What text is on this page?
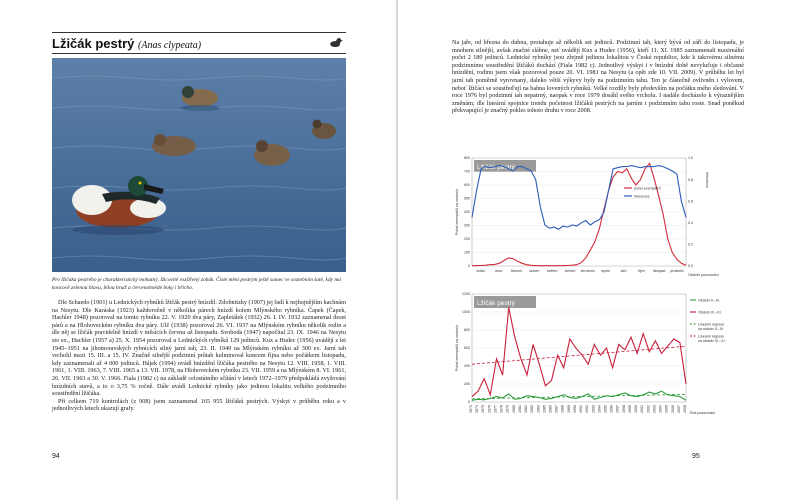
Lžičák pestrý (Anas clypeata)
Pro lžičáka pestrého je charakteristický mohutný, lžicovitě rozšířený zobák. Čisté mění pestrým ještě samec ve svatebním šatě, kdy má koncově zelenou hlavu, bílou hruď a červenohnědé boky i břicho.

Dle Schaedo (1901) u Lednických rybníků lžičák pestrý hnízdil. Zdobnitzky (1907) jej řadí k nejhojnějším kachnám na Nesytu. Dle Karáska (1923) každoročně v několika párech hnízdí kolem Mlýnského rybníka. Čapek (Čapek, Hachler 1948) pozoroval na tomto rybníku 22. V. 1920 dva páry, Zapletálek (1932) 26. I. IV. 1932 zaznamenal deset párů a na Hlohoveckém rybníku dva páry. Ulč (1938) pozoroval 26. VI. 1937 na Mlýnském rybníku několik rodin a dle něj se lžičák pravidelně hnízdí v měsících červnu až listopadu. Svoboda (1947) napočítal 23. IX. 1946 na Nesytu sto ex., Hachler (1957 a) 25. X. 1954 pozoroval u Lednických rybníků 129 jedinců. Kux a Hudec (1956) uvádějí z let 1945–1951 na jihomoravských rybnících silný jarní tah, 23. II. 1949 na Mlýnském rybníku až 300 ex. Jarní tah vrcholil mezi 15. III. a 15. IV. Značně silnější podzimní průtah kulminoval koncem října nebo počátkem listopadu, kdy zaznamenali až 4 000 jedinců. Hájek (1994) uvádí hnízdění lžičáka pestrého na Nesytu 12. VIII. 1958, 1. VIII. 1961, 1. VIII. 1963, 7. VIII. 1965 a 13. VII. 1978, na Hlohoveckém rybníku 23. VII. 1959 a na Mlýnském 8. VI. 1961, 26. VII. 1963 a 30. V. 1966. Fiala (1982 c) na základě celostátního sčítání v letech 1972–1979 předpokládá zvyšování hnízdních stavů, a to o 3,75 % ročně. Dále uvádí Lednické rybníky jako jedinou lokalitu velkého podzimního soustředění lžičáka.

Při celkem 719 kontrolách (z 908) jsem zaznamenal 165 955 lžičáků pestrých. Výskyt v průběhu roku a v jednotlivých letech ukazují grafy.

94	95
Na jaře, od března do dubna, protahuje až několik set jedinců. Podzimní tah, který bývá od září do listopadu, je mnohem silnější, avšak značné slábne, neť uvádějí Kux a Hudec (1956), kteří 11. XI. 1985 zaznamenali maximální počet 2 180 jedinců. Lednické rybníky jsou zřejmě jedinou lokalitou v České republice, kde k takovému silnému podzimnímu soustředění lžičáků dochází (Fiala 1982 c). Jednotlivý výskyt i v hnízdní době nevylučuje i občasné hnízdění, rodinu jsem však pozoroval pouze 20. VI. 1981 na Nesytu (a opět zde 10. VII. 2009). V průběhu let byl jarní tah poměrně vyrovnaný, daleko větší výkyvy byly na podzimním tahu. Ten je částečně ovlivněn i výlovem, neboť lžičáci se soustřeďují na bahna lovených rybníků. Velké rozdíly byly především na počátku mého sledování. V roce 1976 byl podzimní tah nepatrný, naopak v roce 1979 dosáhl svého vrcholu. I nadále docházelo k výraznějším změnám; dle lineární spojnice trendu početnost lžičáků pestrých na jarním i podzimním tahu roste. Snad poněkud překvapující je značný pokles tohoto druhu v roce 2008.
Lžičák pestrý
0
100
200
300
400
500
600
700
800
0,0
0,2
0,4
0,6
0,8
1,0
leden	únor březen duben květen červen červenec srpen	září	říjen listopad prosinec
Období pozorování
Počet exemplářů na kontrolu
frekvence
počet exemplářů
frekvence
Lžičák pestrý
0
200
400
600
800
1000
1200
1973 1974 1975 1976 1977 1978 1979 1980 1981 1982 1983 1984 1985 1986 1987 1988 1989 1990 1991 1992 1993 1994 1995 1996 1997 1998 1999 2000 2001 2002 2003 2004 2005 2006 2007 2008 Rok pozorování
Počet exemplářů na kontrolu
Období II.–IV.
Období IX.–XI.
Lineární regrese
za období II.–IV.
Lineární regrese
za období IX.–XI.
